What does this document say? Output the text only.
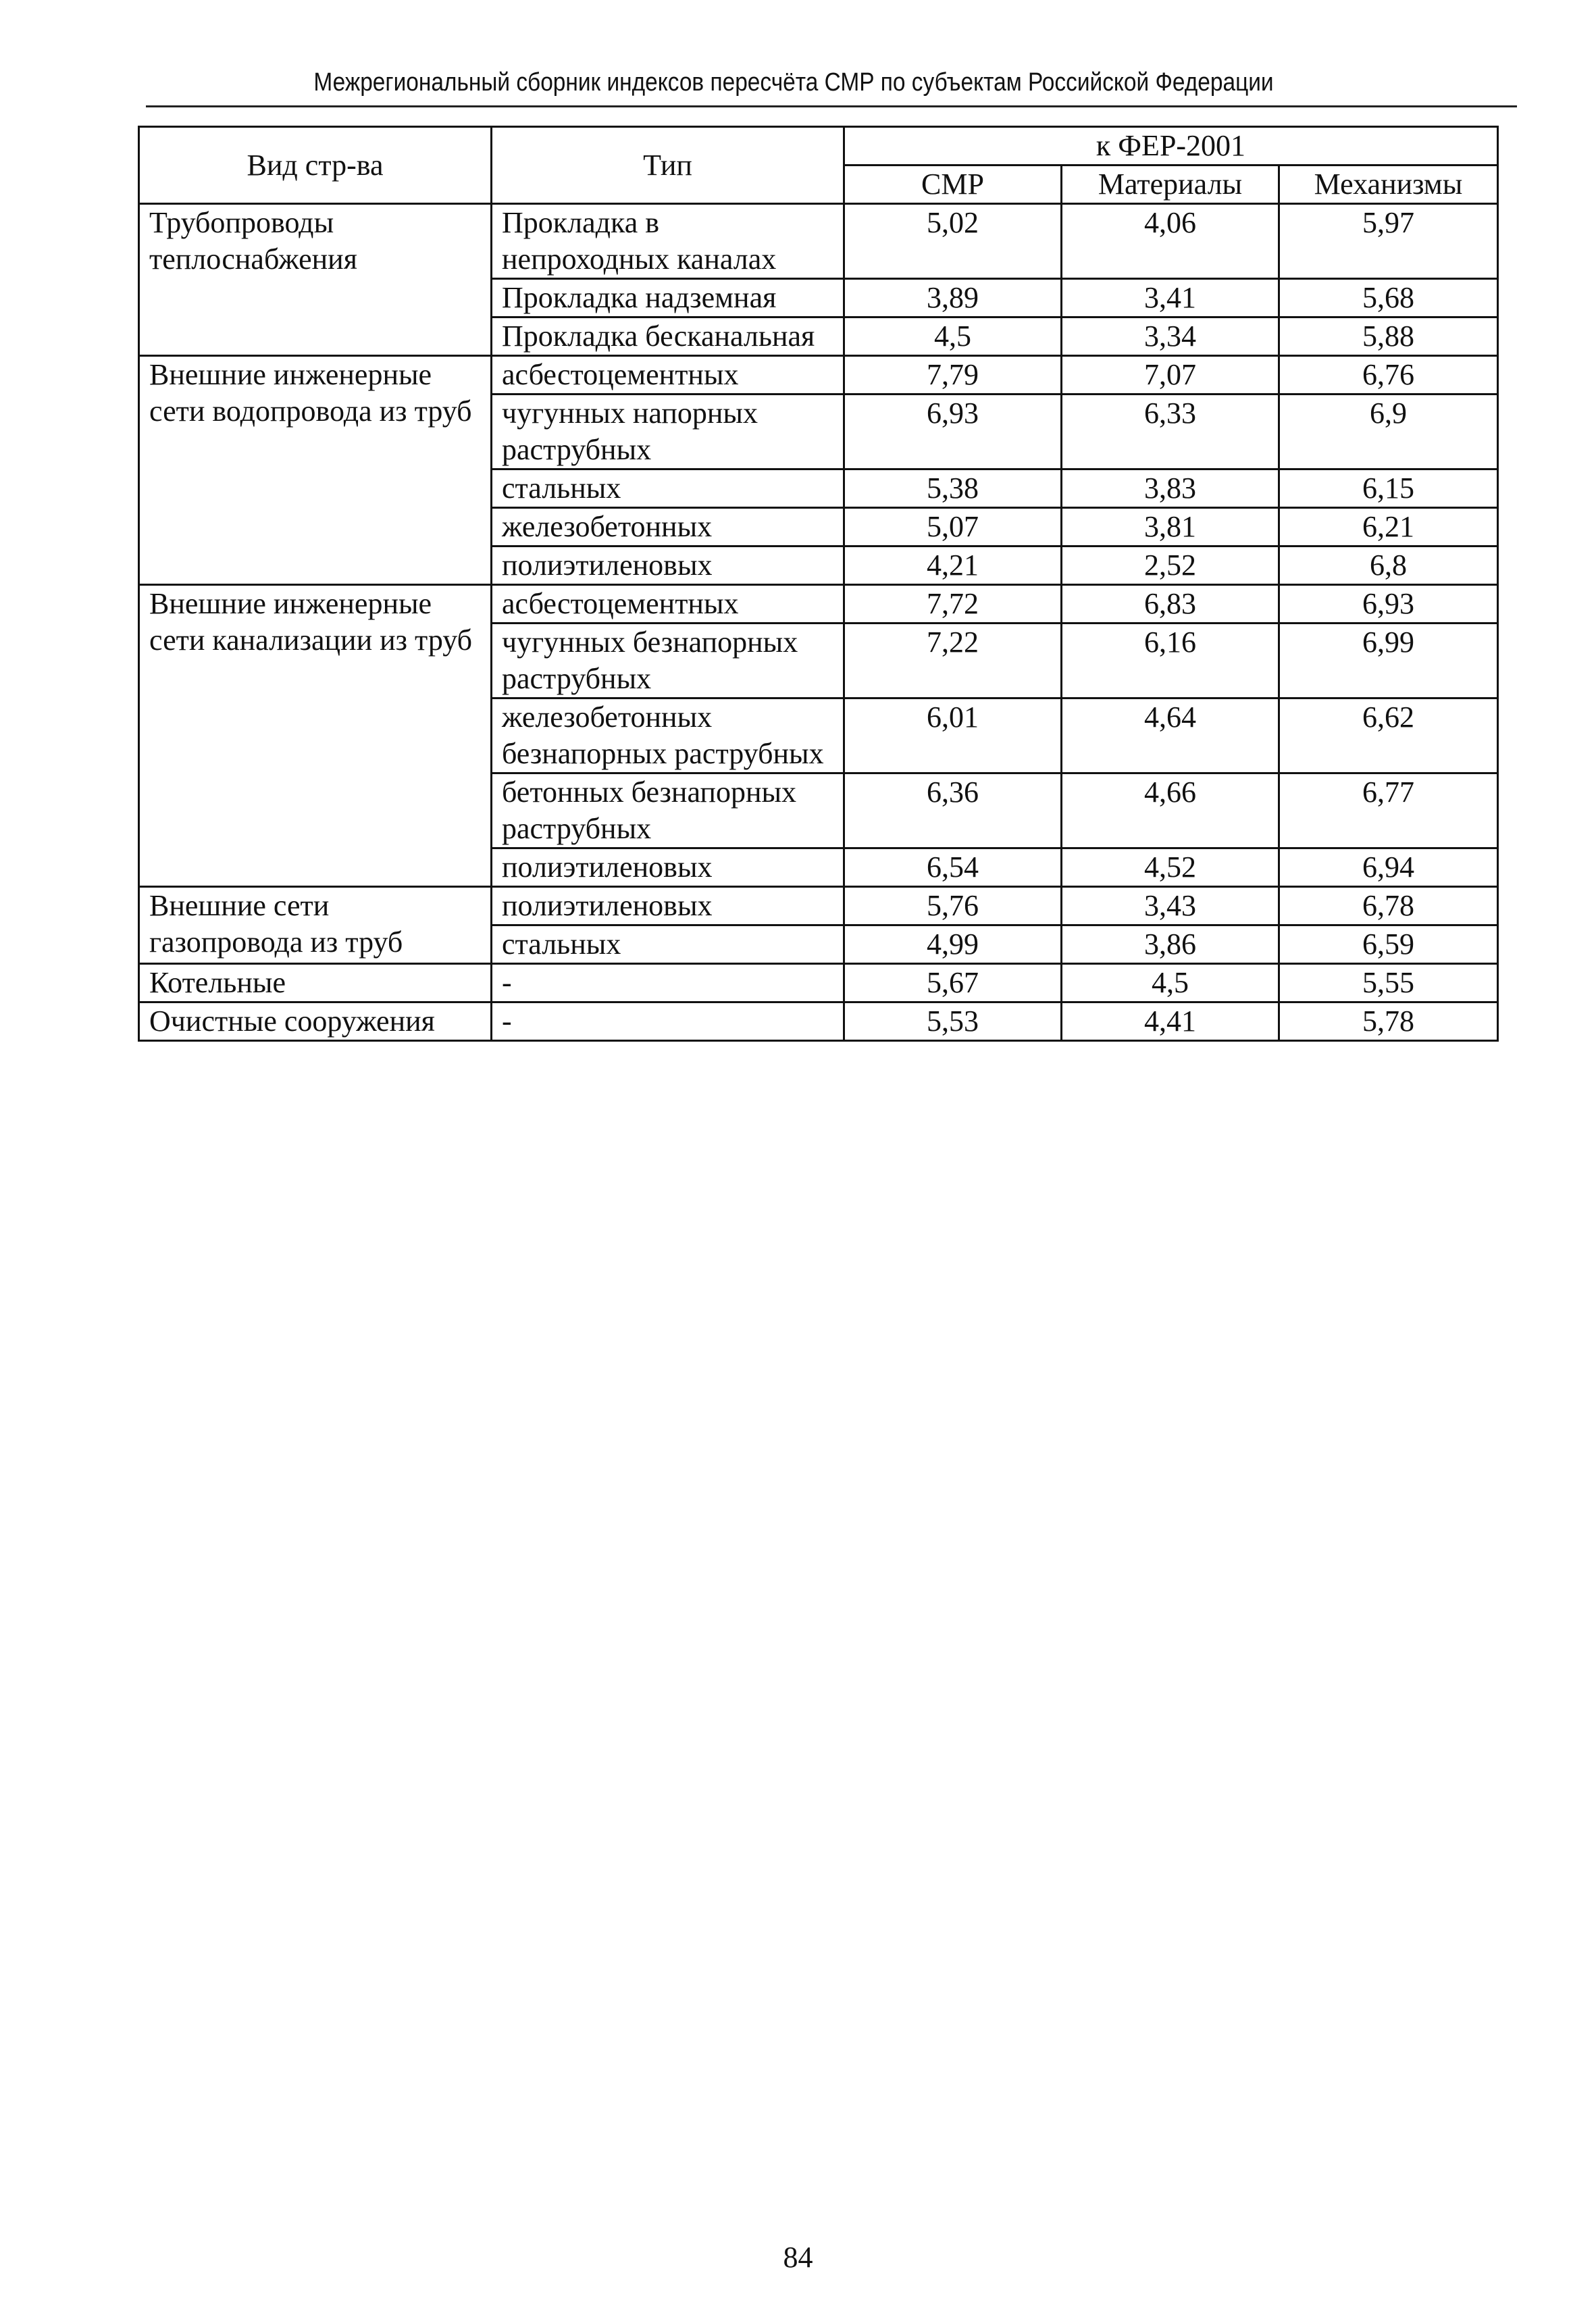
Межрегиональный сборник индексов пересчёта СМР по субъектам Российской Федерации
Вид стр-ва	Тип	к ФЕР-2001		
		СМР	Материалы	Механизмы
Трубопроводы теплоснабжения	Прокладка в непроходных каналах	5,02	4,06	5,97
	Прокладка надземная	3,89	3,41	5,68
	Прокладка бесканальная	4,5	3,34	5,88
Внешние инженерные сети водопровода из труб	асбестоцементных	7,79	7,07	6,76
	чугунных напорных раструбных	6,93	6,33	6,9
	стальных	5,38	3,83	6,15
	железобетонных	5,07	3,81	6,21
	полиэтиленовых	4,21	2,52	6,8
Внешние инженерные сети канализации из труб	асбестоцементных	7,72	6,83	6,93
	чугунных безнапорных раструбных	7,22	6,16	6,99
	железобетонных безнапорных раструбных	6,01	4,64	6,62
	бетонных безнапорных раструбных	6,36	4,66	6,77
	полиэтиленовых	6,54	4,52	6,94
Внешние сети газопровода из труб	полиэтиленовых	5,76	3,43	6,78
	стальных	4,99	3,86	6,59
Котельные	-	5,67	4,5	5,55
Очистные сооружения	-	5,53	4,41	5,78
84
